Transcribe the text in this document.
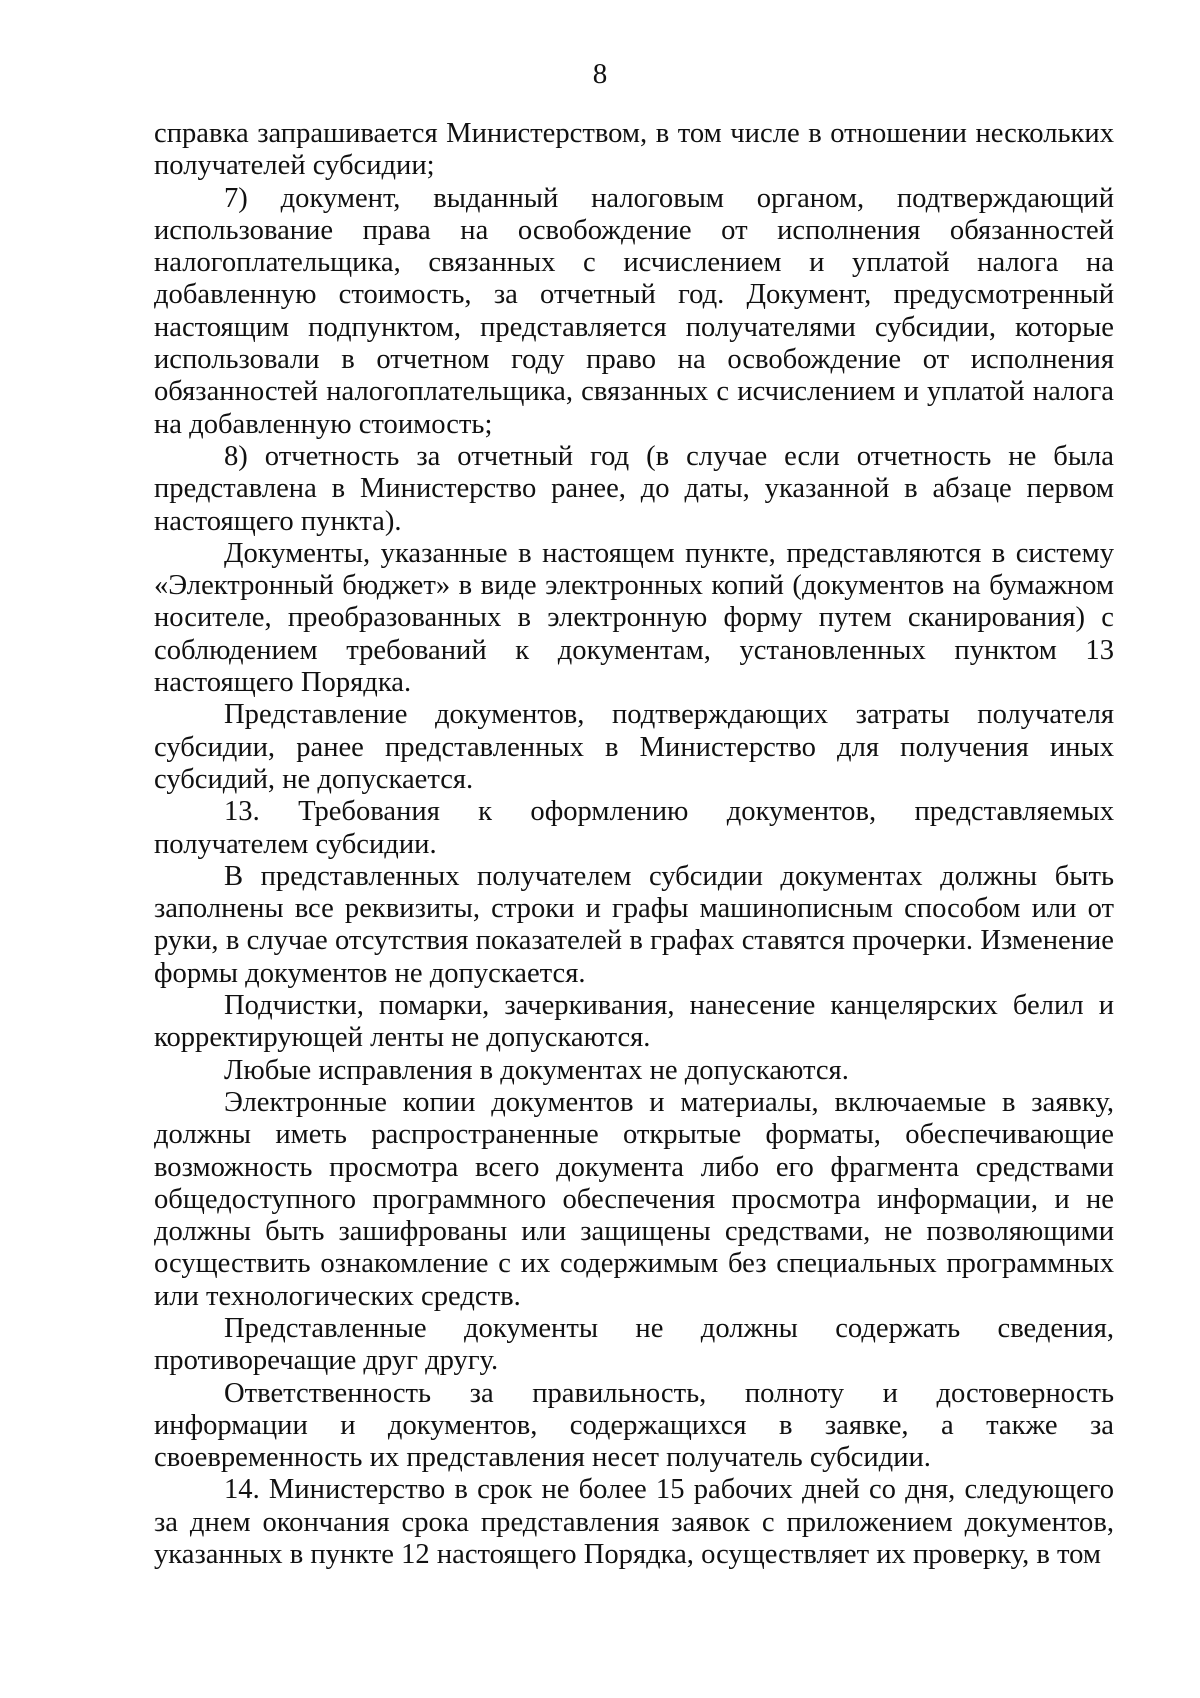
8

справка запрашивается Министерством, в том числе в отношении нескольких получателей субсидии;

7) документ, выданный налоговым органом, подтверждающий использование права на освобождение от исполнения обязанностей налогоплательщика, связанных с исчислением и уплатой налога на добавленную стоимость, за отчетный год. Документ, предусмотренный настоящим подпунктом, представляется получателями субсидии, которые использовали в отчетном году право на освобождение от исполнения обязанностей налогоплательщика, связанных с исчислением и уплатой налога на добавленную стоимость;

8) отчетность за отчетный год (в случае если отчетность не была представлена в Министерство ранее, до даты, указанной в абзаце первом настоящего пункта).

Документы, указанные в настоящем пункте, представляются в систему «Электронный бюджет» в виде электронных копий (документов на бумажном носителе, преобразованных в электронную форму путем сканирования) с соблюдением требований к документам, установленных пунктом 13 настоящего Порядка.

Представление документов, подтверждающих затраты получателя субсидии, ранее представленных в Министерство для получения иных субсидий, не допускается.

13. Требования к оформлению документов, представляемых получателем субсидии.

В представленных получателем субсидии документах должны быть заполнены все реквизиты, строки и графы машинописным способом или от руки, в случае отсутствия показателей в графах ставятся прочерки. Изменение формы документов не допускается.

Подчистки, помарки, зачеркивания, нанесение канцелярских белил и корректирующей ленты не допускаются.

Любые исправления в документах не допускаются.

Электронные копии документов и материалы, включаемые в заявку, должны иметь распространенные открытые форматы, обеспечивающие возможность просмотра всего документа либо его фрагмента средствами общедоступного программного обеспечения просмотра информации, и не должны быть зашифрованы или защищены средствами, не позволяющими осуществить ознакомление с их содержимым без специальных программных или технологических средств.

Представленные документы не должны содержать сведения, противоречащие друг другу.

Ответственность за правильность, полноту и достоверность информации и документов, содержащихся в заявке, а также за своевременность их представления несет получатель субсидии.

14. Министерство в срок не более 15 рабочих дней со дня, следующего за днем окончания срока представления заявок с приложением документов, указанных в пункте 12 настоящего Порядка, осуществляет их проверку, в том
